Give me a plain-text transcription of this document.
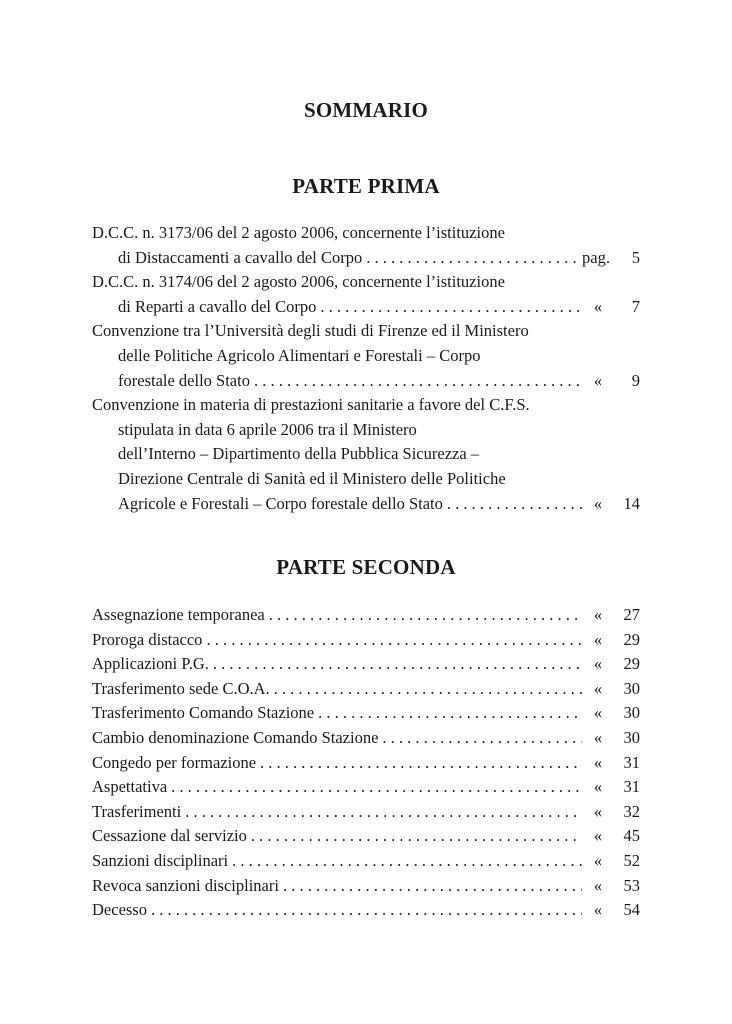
SOMMARIO
PARTE PRIMA
D.C.C. n. 3173/06 del 2 agosto 2006, concernente l’istituzione
di Distaccamenti a cavallo del Corpo . . .	pag.	5
D.C.C. n. 3174/06 del 2 agosto 2006, concernente l’istituzione
di Reparti a cavallo del Corpo . . .	«	7
Convenzione tra l’Università degli studi di Firenze ed il Ministero
delle Politiche Agricolo Alimentari e Forestali – Corpo
forestale dello Stato . . .	«	9
Convenzione in materia di prestazioni sanitarie a favore del C.F.S.
stipulata in data 6 aprile 2006 tra il Ministero
dell’Interno – Dipartimento della Pubblica Sicurezza –
Direzione Centrale di Sanità ed il Ministero delle Politiche
Agricole e Forestali – Corpo forestale dello Stato . . .	«	14
PARTE SECONDA
Assegnazione temporanea . . .	«	27
Proroga distacco . . .	«	29
Applicazioni P.G. . . .	«	29
Trasferimento sede C.O.A. . . .	«	30
Trasferimento Comando Stazione . . .	«	30
Cambio denominazione Comando Stazione . . .	«	30
Congedo per formazione . . .	«	31
Aspettativa . . .	«	31
Trasferimenti . . .	«	32
Cessazione dal servizio . . .	«	45
Sanzioni disciplinari . . .	«	52
Revoca sanzioni disciplinari . . .	«	53
Decesso . . .	«	54
